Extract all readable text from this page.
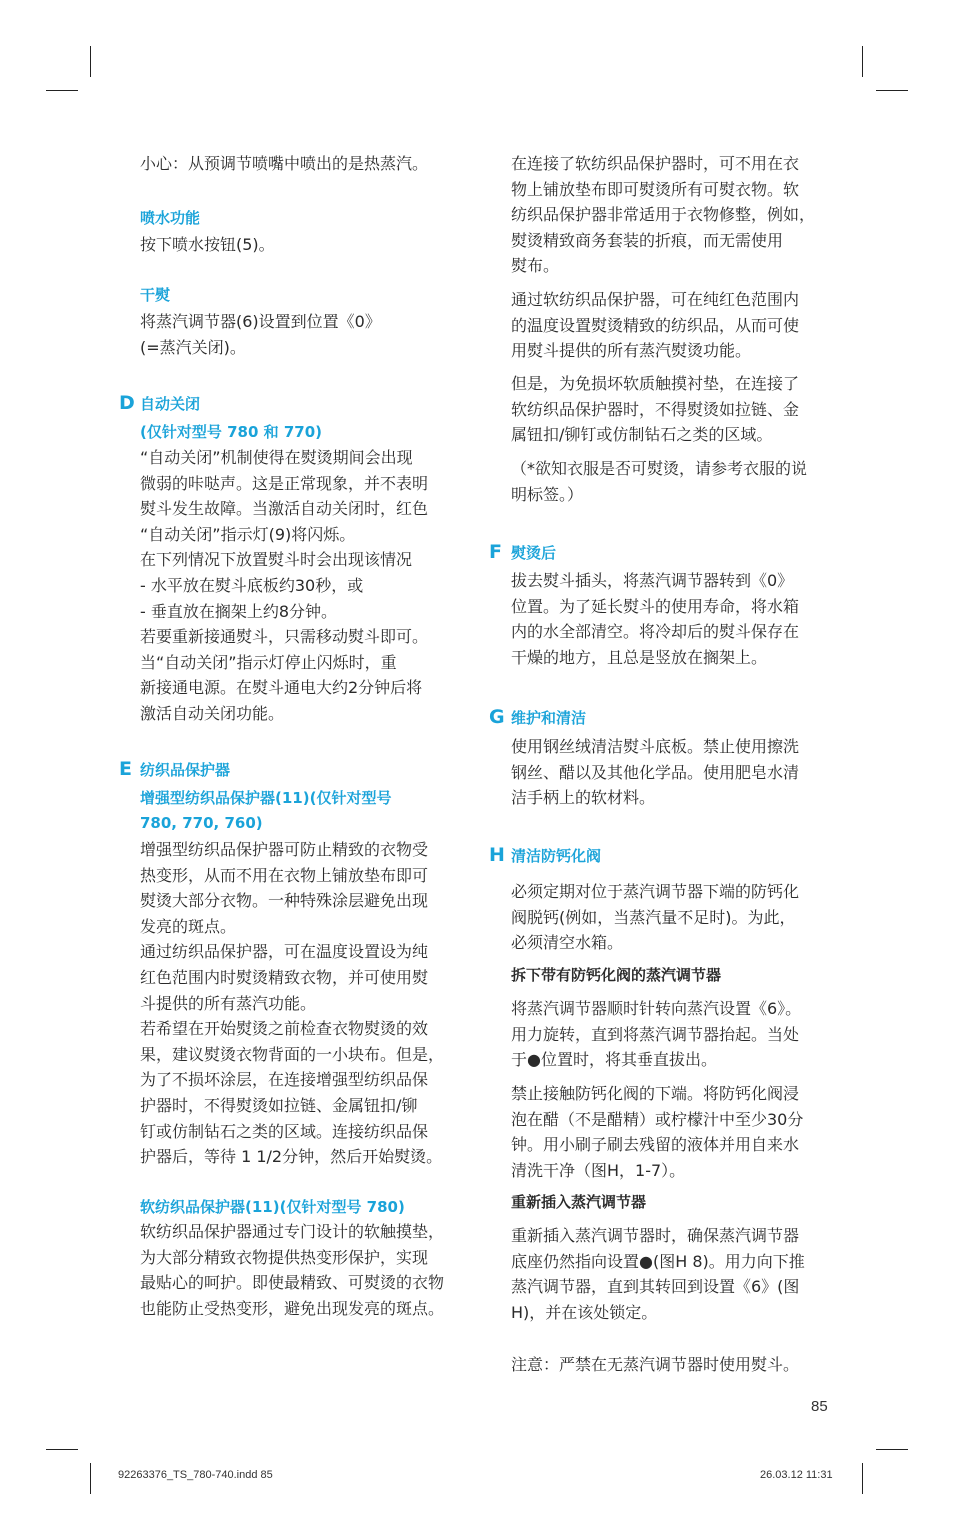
小心：从预调节喷嘴中喷出的是热蒸汽。

喷水功能

按下喷水按钮(5)。

干熨

将蒸汽调节器(6)设置到位置《0》

(=蒸汽关闭)。

自动关闭

(仅针对型号 780 和 770)

“自动关闭”机制使得在熨烫期间会出现

微弱的咔哒声。这是正常现象，并不表明

熨斗发生故障。当激活自动关闭时，红色

“自动关闭”指示灯(9)将闪烁。

在下列情况下放置熨斗时会出现该情况

- 水平放在熨斗底板约30秒，或

- 垂直放在搁架上约8分钟。

若要重新接通熨斗，只需移动熨斗即可。

当“自动关闭”指示灯停止闪烁时，重

新接通电源。在熨斗通电大约2分钟后将

激活自动关闭功能。

纺织品保护器

增强型纺织品保护器(11)(仅针对型号

780, 770, 760)

增强型纺织品保护器可防止精致的衣物受

热变形，从而不用在衣物上铺放垫布即可

熨烫大部分衣物。一种特殊涂层避免出现

发亮的斑点。

通过纺织品保护器，可在温度设置设为纯

红色范围内时熨烫精致衣物，并可使用熨

斗提供的所有蒸汽功能。

若希望在开始熨烫之前检查衣物熨烫的效

果，建议熨烫衣物背面的一小块布。但是，

为了不损坏涂层，在连接增强型纺织品保

护器时，不得熨烫如拉链、金属钮扣/铆

钉或仿制钻石之类的区域。连接纺织品保

护器后，等待 1 1/2分钟，然后开始熨烫。

软纺织品保护器(11)(仅针对型号 780)

软纺织品保护器通过专门设计的软触摸垫，

为大部分精致衣物提供热变形保护，实现

最贴心的呵护。即使最精致、可熨烫的衣物

也能防止受热变形，避免出现发亮的斑点。

D
E

在连接了软纺织品保护器时，可不用在衣

物上铺放垫布即可熨烫所有可熨衣物。软

纺织品保护器非常适用于衣物修整，例如，

熨烫精致商务套装的折痕，而无需使用

熨布。

通过软纺织品保护器，可在纯红色范围内

的温度设置熨烫精致的纺织品，从而可使

用熨斗提供的所有蒸汽熨烫功能。

但是，为免损坏软质触摸衬垫，在连接了

软纺织品保护器时，不得熨烫如拉链、金

属钮扣/铆钉或仿制钻石之类的区域。

（*欲知衣服是否可熨烫，请参考衣服的说

明标签。）

熨烫后

拔去熨斗插头，将蒸汽调节器转到《0》

位置。为了延长熨斗的使用寿命，将水箱

内的水全部清空。将冷却后的熨斗保存在

干燥的地方，且总是竖放在搁架上。

维护和清洁

使用钢丝绒清洁熨斗底板。禁止使用擦洗

钢丝、醋以及其他化学品。使用肥皂水清

洁手柄上的软材料。

清洁防钙化阀

必须定期对位于蒸汽调节器下端的防钙化

阀脱钙(例如，当蒸汽量不足时)。为此，

必须清空水箱。

拆下带有防钙化阀的蒸汽调节器

将蒸汽调节器顺时针转向蒸汽设置《6》。

用力旋转，直到将蒸汽调节器抬起。当处

于●位置时，将其垂直拔出。

禁止接触防钙化阀的下端。将防钙化阀浸

泡在醋（不是醋精）或柠檬汁中至少30分

钟。用小刷子刷去残留的液体并用自来水

清洗干净（图H，1-7）。

重新插入蒸汽调节器

重新插入蒸汽调节器时，确保蒸汽调节器

底座仍然指向设置●(图H 8)。用力向下推

蒸汽调节器，直到其转回到设置《6》(图

H)，并在该处锁定。

注意：严禁在无蒸汽调节器时使用熨斗。

F
G
H
85
92263376_TS_780-740.indd 85	26.03.12 11:31
